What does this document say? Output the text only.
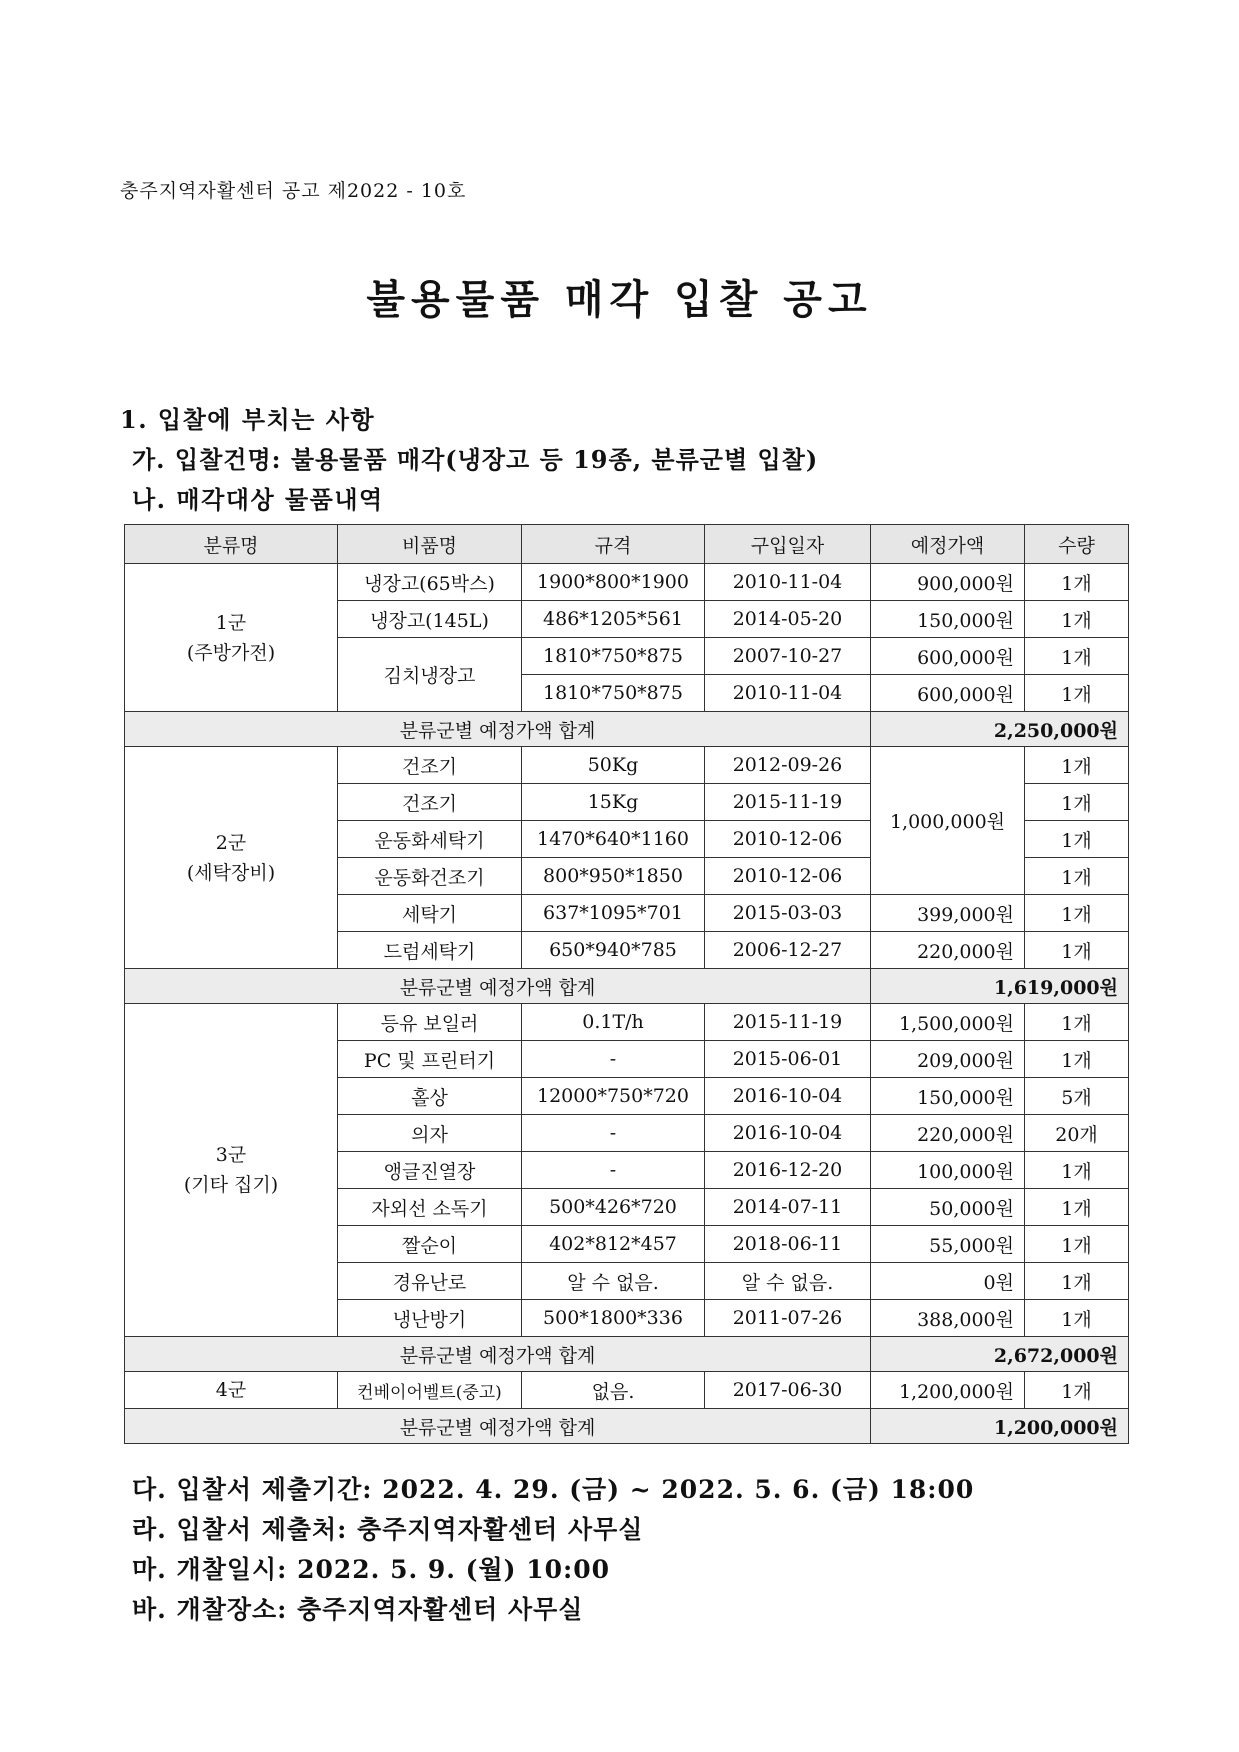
충주지역자활센터 공고 제2022 - 10호
불용물품 매각 입찰 공고
1. 입찰에 부치는 사항
가. 입찰건명: 불용물품 매각(냉장고 등 19종, 분류군별 입찰)
나. 매각대상 물품내역
분류명	비품명	규격	구입일자	예정가액	수량

1군
(주방가전)	냉장고(65박스)	1900*800*1900	2010-11-04	900,000원	1개
	냉장고(145L)	486*1205*561	2014-05-20	150,000원	1개
	김치냉장고	1810*750*875	2007-10-27	600,000원	1개
		1810*750*875	2010-11-04	600,000원	1개
분류군별 예정가액 합계				2,250,000원	

2군
(세탁장비)	건조기	50Kg	2012-09-26	1,000,000원	1개
	건조기	15Kg	2015-11-19		1개
	운동화세탁기	1470*640*1160	2010-12-06		1개
	운동화건조기	800*950*1850	2010-12-06		1개
	세탁기	637*1095*701	2015-03-03	399,000원	1개
	드럼세탁기	650*940*785	2006-12-27	220,000원	1개
분류군별 예정가액 합계				1,619,000원	

3군
(기타 집기)	등유 보일러	0.1T/h	2015-11-19	1,500,000원	1개
	PC 및 프린터기	-	2015-06-01	209,000원	1개
	홀상	12000*750*720	2016-10-04	150,000원	5개
	의자	-	2016-10-04	220,000원	20개
	앵글진열장	-	2016-12-20	100,000원	1개
	자외선 소독기	500*426*720	2014-07-11	50,000원	1개
	짤순이	402*812*457	2018-06-11	55,000원	1개
	경유난로	알 수 없음.	알 수 없음.	0원	1개
	냉난방기	500*1800*336	2011-07-26	388,000원	1개
분류군별 예정가액 합계				2,672,000원	

4군	컨베이어벨트(중고)	없음.	2017-06-30	1,200,000원	1개
분류군별 예정가액 합계				1,200,000원	
다. 입찰서 제출기간: 2022. 4. 29. (금) ~ 2022. 5. 6. (금) 18:00
라. 입찰서 제출처: 충주지역자활센터 사무실
마. 개찰일시: 2022. 5. 9. (월) 10:00
바. 개찰장소: 충주지역자활센터 사무실
